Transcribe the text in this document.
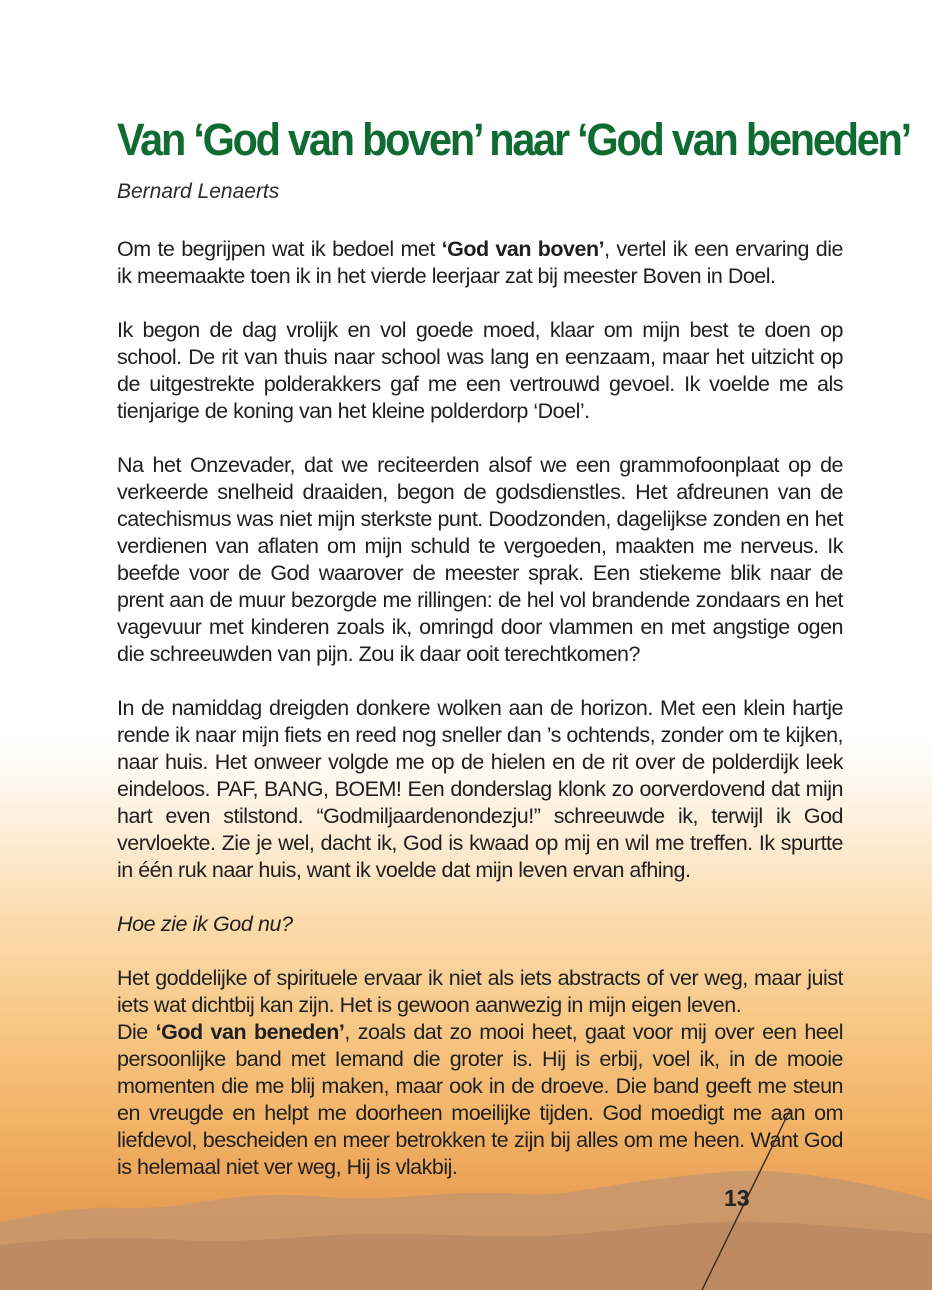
Van ‘God van boven’ naar ‘God van beneden’

Bernard Lenaerts

Om te begrijpen wat ik bedoel met ‘God van boven’, vertel ik een ervaring die ik meemaakte toen ik in het vierde leerjaar zat bij meester Boven in Doel.

Ik begon de dag vrolijk en vol goede moed, klaar om mijn best te doen op school. De rit van thuis naar school was lang en eenzaam, maar het uitzicht op de uitgestrekte polderakkers gaf me een vertrouwd gevoel. Ik voelde me als tienjarige de koning van het kleine polderdorp ‘Doel’.

Na het Onzevader, dat we reciteerden alsof we een grammofoonplaat op de verkeerde snelheid draaiden, begon de godsdienstles. Het afdreunen van de catechismus was niet mijn sterkste punt. Doodzonden, dagelijkse zonden en het verdienen van aflaten om mijn schuld te vergoeden, maakten me nerveus. Ik beefde voor de God waarover de meester sprak. Een stiekeme blik naar de prent aan de muur bezorgde me rillingen: de hel vol brandende zondaars en het vagevuur met kinderen zoals ik, omringd door vlammen en met angstige ogen die schreeuwden van pijn. Zou ik daar ooit terechtkomen?

In de namiddag dreigden donkere wolken aan de horizon. Met een klein hartje rende ik naar mijn fiets en reed nog sneller dan ’s ochtends, zonder om te kijken, naar huis. Het onweer volgde me op de hielen en de rit over de polderdijk leek eindeloos. PAF, BANG, BOEM! Een donderslag klonk zo oorverdovend dat mijn hart even stilstond. “Godmiljaardenondezju!” schreeuwde ik, terwijl ik God vervloekte. Zie je wel, dacht ik, God is kwaad op mij en wil me treffen. Ik spurtte in één ruk naar huis, want ik voelde dat mijn leven ervan afhing.

Hoe zie ik God nu?

Het goddelijke of spirituele ervaar ik niet als iets abstracts of ver weg, maar juist iets wat dichtbij kan zijn. Het is gewoon aanwezig in mijn eigen leven.

Die ‘God van beneden’, zoals dat zo mooi heet, gaat voor mij over een heel persoonlijke band met Iemand die groter is. Hij is erbij, voel ik, in de mooie momenten die me blij maken, maar ook in de droeve. Die band geeft me steun en vreugde en helpt me doorheen moeilijke tijden. God moedigt me aan om liefdevol, bescheiden en meer betrokken te zijn bij alles om me heen. Want God is helemaal niet ver weg, Hij is vlakbij.

13
